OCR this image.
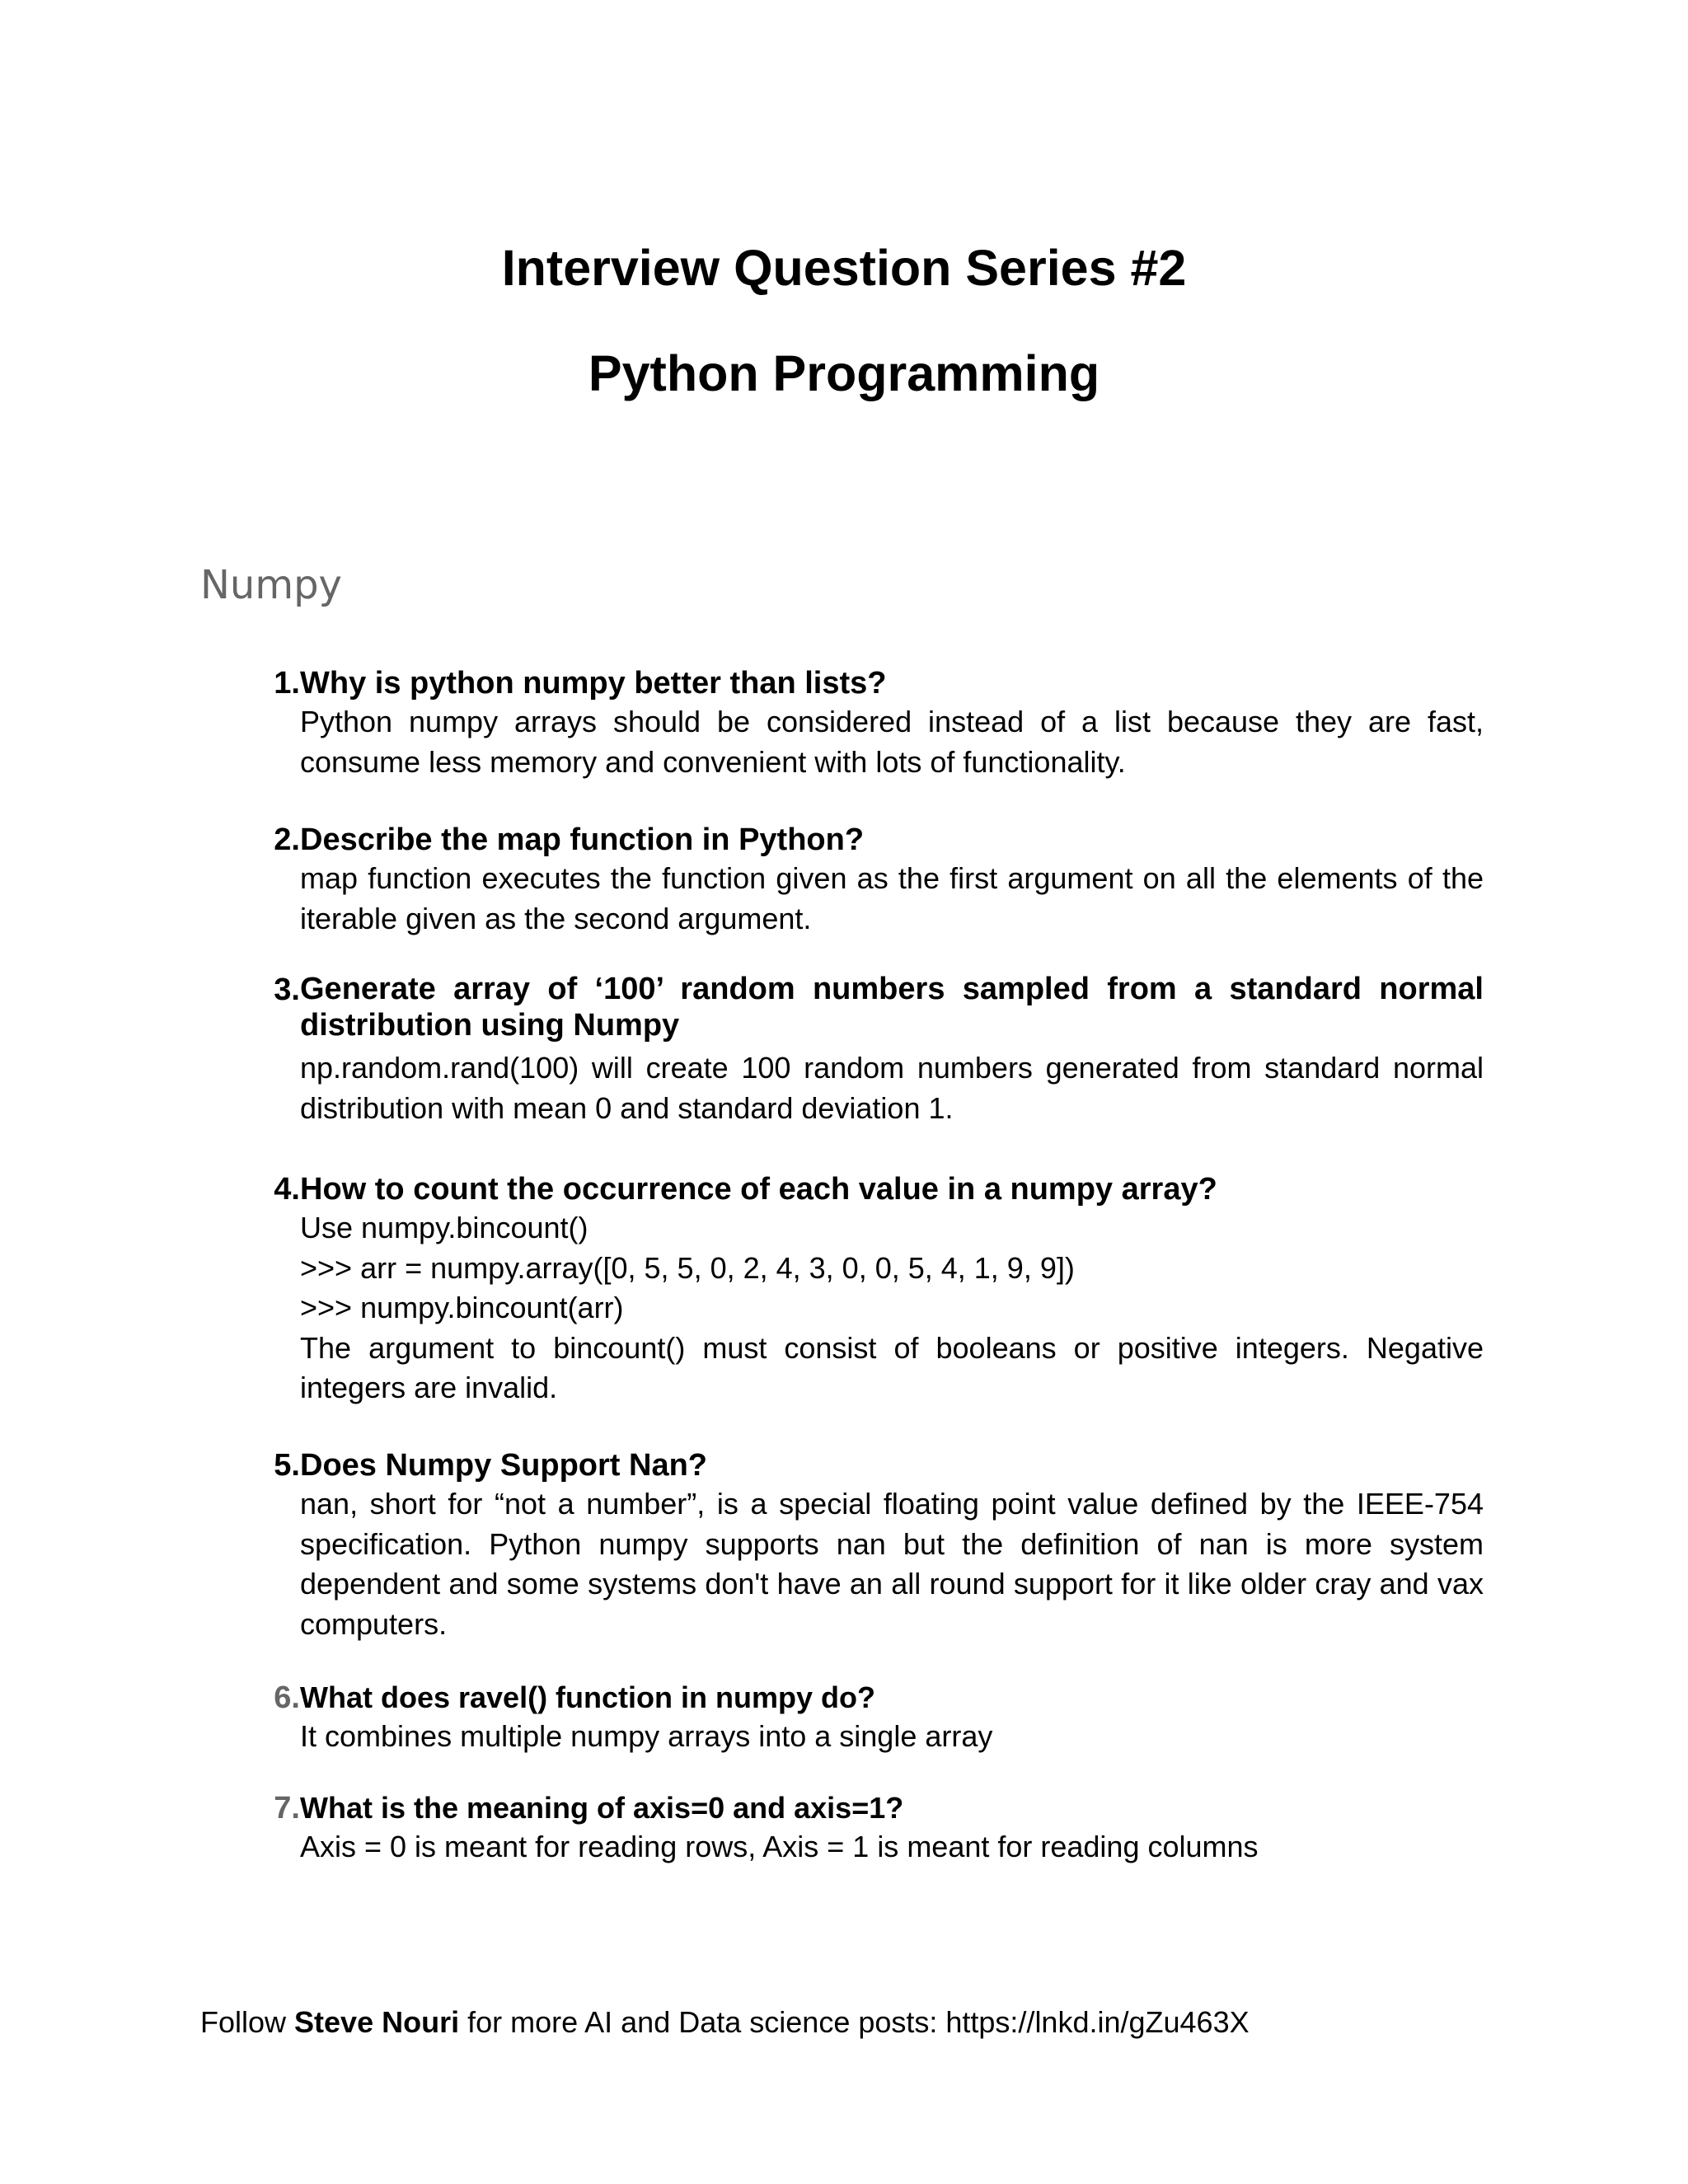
Interview Question Series #2
Python Programming
Numpy
1. Why is python numpy better than lists?
Python numpy arrays should be considered instead of a list because they are fast, consume less memory and convenient with lots of functionality.
2. Describe the map function in Python?
map function executes the function given as the first argument on all the elements of the iterable given as the second argument.
3. Generate array of ‘100’ random numbers sampled from a standard normal distribution using Numpy
np.random.rand(100) will create 100 random numbers generated from standard normal distribution with mean 0 and standard deviation 1.
4. How to count the occurrence of each value in a numpy array?
Use numpy.bincount()
>>> arr = numpy.array([0, 5, 5, 0, 2, 4, 3, 0, 0, 5, 4, 1, 9, 9])
>>> numpy.bincount(arr)
The argument to bincount() must consist of booleans or positive integers. Negative integers are invalid.
5. Does Numpy Support Nan?
nan, short for “not a number”, is a special floating point value defined by the IEEE-754 specification. Python numpy supports nan but the definition of nan is more system dependent and some systems don't have an all round support for it like older cray and vax computers.
6. What does ravel() function in numpy do?
It combines multiple numpy arrays into a single array
7. What is the meaning of axis=0 and axis=1?
Axis = 0 is meant for reading rows, Axis = 1 is meant for reading columns
Follow Steve Nouri for more AI and Data science posts: https://lnkd.in/gZu463X
